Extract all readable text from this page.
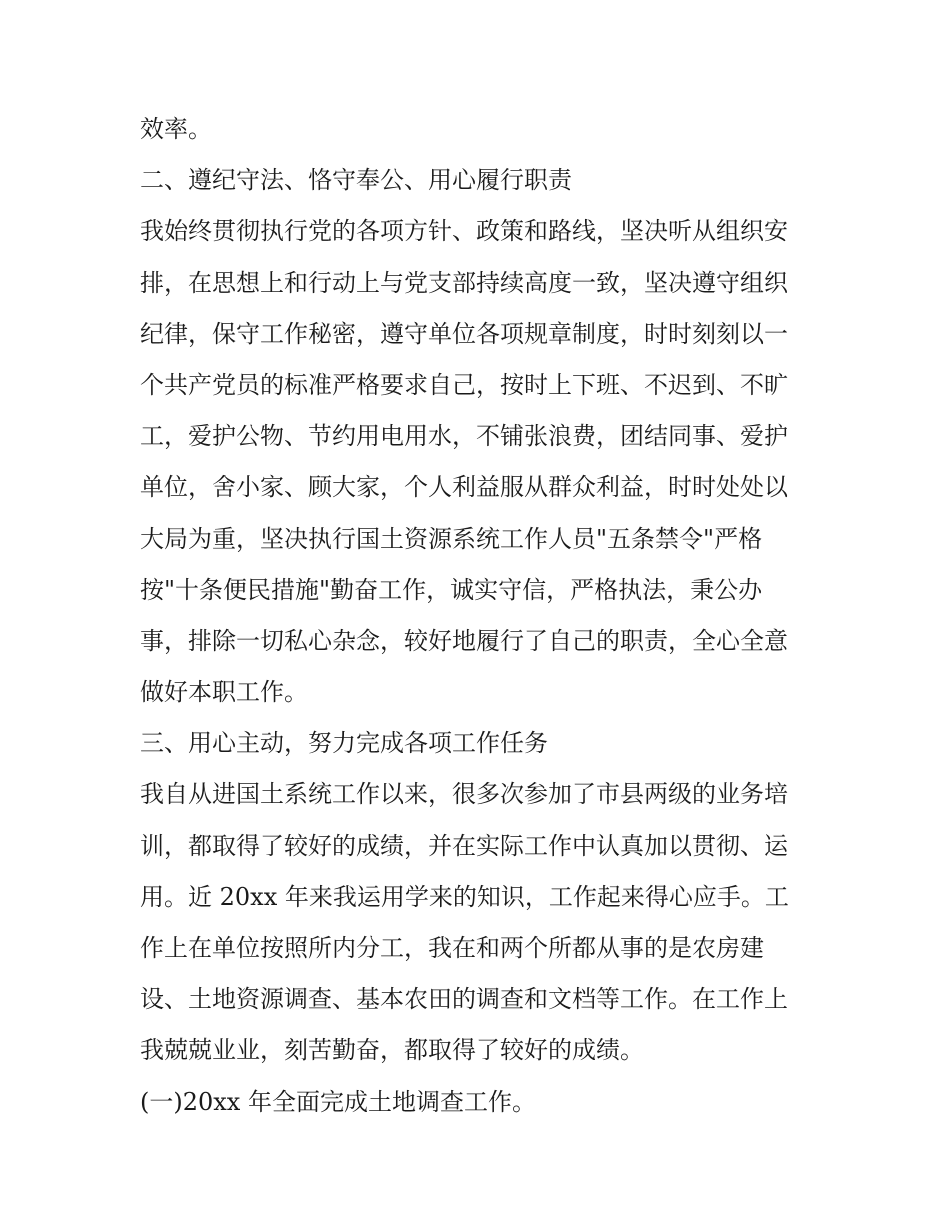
效率。
二、遵纪守法、恪守奉公、用心履行职责
我始终贯彻执行党的各项方针、政策和路线，坚决听从组织安
排，在思想上和行动上与党支部持续高度一致，坚决遵守组织
纪律，保守工作秘密，遵守单位各项规章制度，时时刻刻以一
个共产党员的标准严格要求自己，按时上下班、不迟到、不旷
工，爱护公物、节约用电用水，不铺张浪费，团结同事、爱护
单位，舍小家、顾大家，个人利益服从群众利益，时时处处以
大局为重，坚决执行国土资源系统工作人员"五条禁令"严格
按"十条便民措施"勤奋工作，诚实守信，严格执法，秉公办
事，排除一切私心杂念，较好地履行了自己的职责，全心全意
做好本职工作。
三、用心主动，努力完成各项工作任务
我自从进国土系统工作以来，很多次参加了市县两级的业务培
训，都取得了较好的成绩，并在实际工作中认真加以贯彻、运
用。近 20xx 年来我运用学来的知识，工作起来得心应手。工
作上在单位按照所内分工，我在和两个所都从事的是农房建
设、土地资源调查、基本农田的调查和文档等工作。在工作上
我兢兢业业，刻苦勤奋，都取得了较好的成绩。
(一)20xx 年全面完成土地调查工作。
